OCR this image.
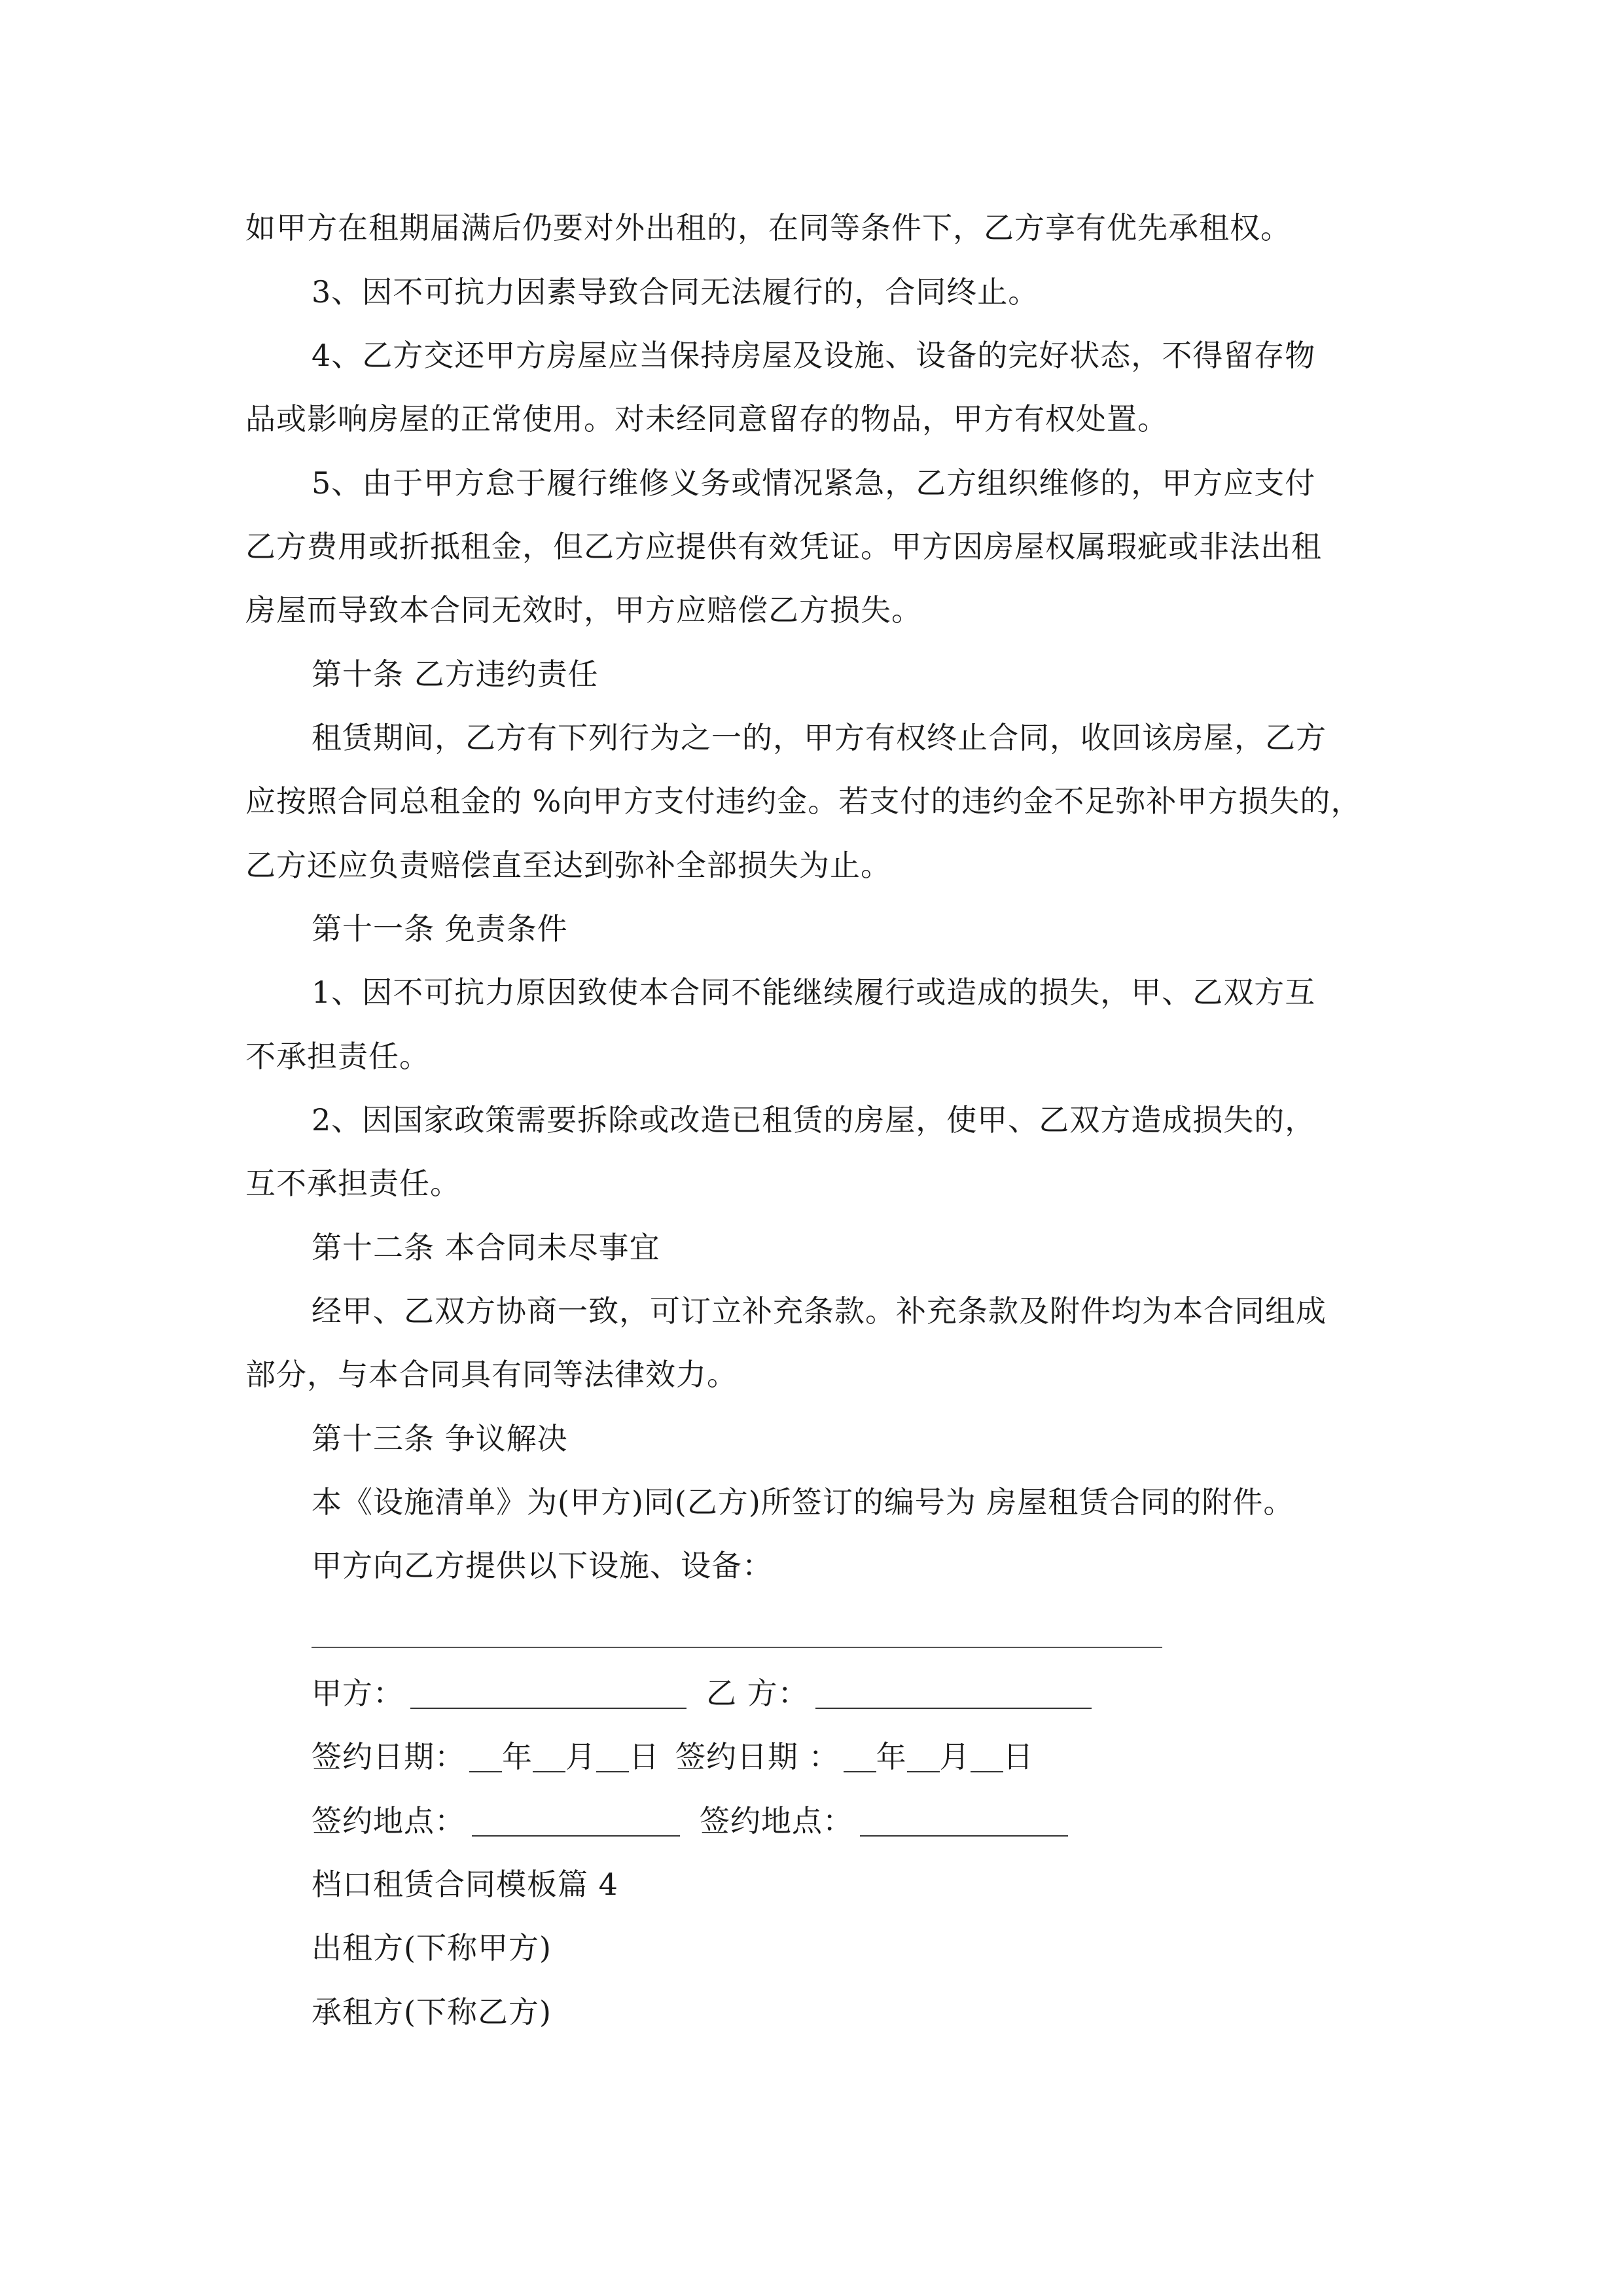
如甲方在租期届满后仍要对外出租的，在同等条件下，乙方享有优先承租权。
3、因不可抗力因素导致合同无法履行的，合同终止。
4、乙方交还甲方房屋应当保持房屋及设施、设备的完好状态，不得留存物
品或影响房屋的正常使用。对未经同意留存的物品，甲方有权处置。
5、由于甲方怠于履行维修义务或情况紧急，乙方组织维修的，甲方应支付
乙方费用或折抵租金，但乙方应提供有效凭证。甲方因房屋权属瑕疵或非法出租
房屋而导致本合同无效时，甲方应赔偿乙方损失。
第十条 乙方违约责任
租赁期间，乙方有下列行为之一的，甲方有权终止合同，收回该房屋，乙方
应按照合同总租金的 %向甲方支付违约金。若支付的违约金不足弥补甲方损失的，
乙方还应负责赔偿直至达到弥补全部损失为止。
第十一条 免责条件
1、因不可抗力原因致使本合同不能继续履行或造成的损失，甲、乙双方互
不承担责任。
2、因国家政策需要拆除或改造已租赁的房屋，使甲、乙双方造成损失的，
互不承担责任。
第十二条 本合同未尽事宜
经甲、乙双方协商一致，可订立补充条款。补充条款及附件均为本合同组成
部分，与本合同具有同等法律效力。
第十三条 争议解决
本《设施清单》为(甲方)同(乙方)所签订的编号为 房屋租赁合同的附件。
甲方向乙方提供以下设施、设备：
甲方：	乙 方：
签约日期： 年 月 日 签约日期 ： 年 月 日
签约地点：	签约地点：
档口租赁合同模板篇 4
出租方(下称甲方)
承租方(下称乙方)
